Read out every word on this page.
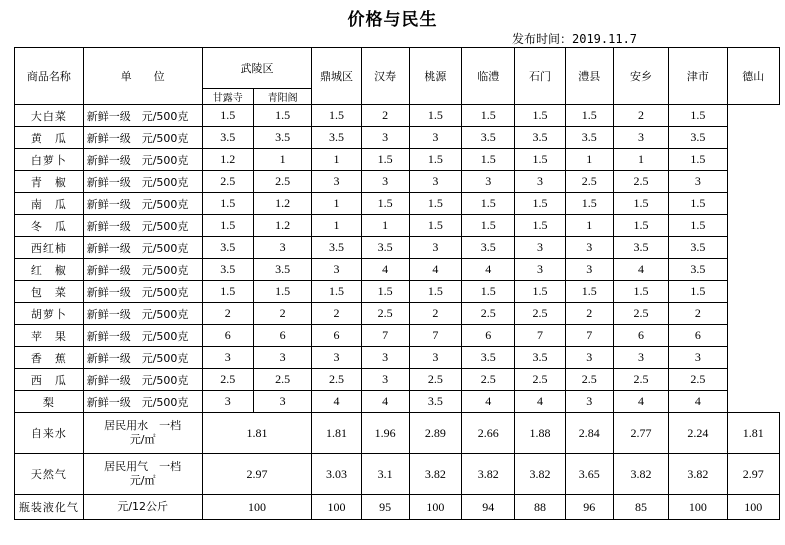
价格与民生
发布时间：2019.11.7
商品名称	单　　位	武陵区		鼎城区	汉寿	桃源	临澧	石门	澧县	安乡	津市	德山
		甘露寺	青阳阁									
大白菜	新鲜一级　元/500克	1.5	1.5	1.5	2	1.5	1.5	1.5	1.5	2	1.5	
黄　瓜	新鲜一级　元/500克	3.5	3.5	3.5	3	3	3.5	3.5	3.5	3	3.5	
白萝卜	新鲜一级　元/500克	1.2	1	1	1.5	1.5	1.5	1.5	1	1	1.5	
青　椒	新鲜一级　元/500克	2.5	2.5	3	3	3	3	3	2.5	2.5	3	
南　瓜	新鲜一级　元/500克	1.5	1.2	1	1.5	1.5	1.5	1.5	1.5	1.5	1.5	
冬　瓜	新鲜一级　元/500克	1.5	1.2	1	1	1.5	1.5	1.5	1	1.5	1.5	
西红柿	新鲜一级　元/500克	3.5	3	3.5	3.5	3	3.5	3	3	3.5	3.5	
红　椒	新鲜一级　元/500克	3.5	3.5	3	4	4	4	3	3	4	3.5	
包　菜	新鲜一级　元/500克	1.5	1.5	1.5	1.5	1.5	1.5	1.5	1.5	1.5	1.5	
胡萝卜	新鲜一级　元/500克	2	2	2	2.5	2	2.5	2.5	2	2.5	2	
苹　果	新鲜一级　元/500克	6	6	6	7	7	6	7	7	6	6	
香　蕉	新鲜一级　元/500克	3	3	3	3	3	3.5	3.5	3	3	3	
西　瓜	新鲜一级　元/500克	2.5	2.5	2.5	3	2.5	2.5	2.5	2.5	2.5	2.5	
梨	新鲜一级　元/500克	3	3	4	4	3.5	4	4	3	4	4	
自来水	居民用水　一档
元/㎡	1.81		1.81	1.96	2.89	2.66	1.88	2.84	2.77	2.24	1.81
天然气	居民用气　一档
元/㎡	2.97		3.03	3.1	3.82	3.82	3.82	3.65	3.82	3.82	2.97
瓶装液化气	元/12公斤	100		100	95	100	94	88	96	85	100	100
